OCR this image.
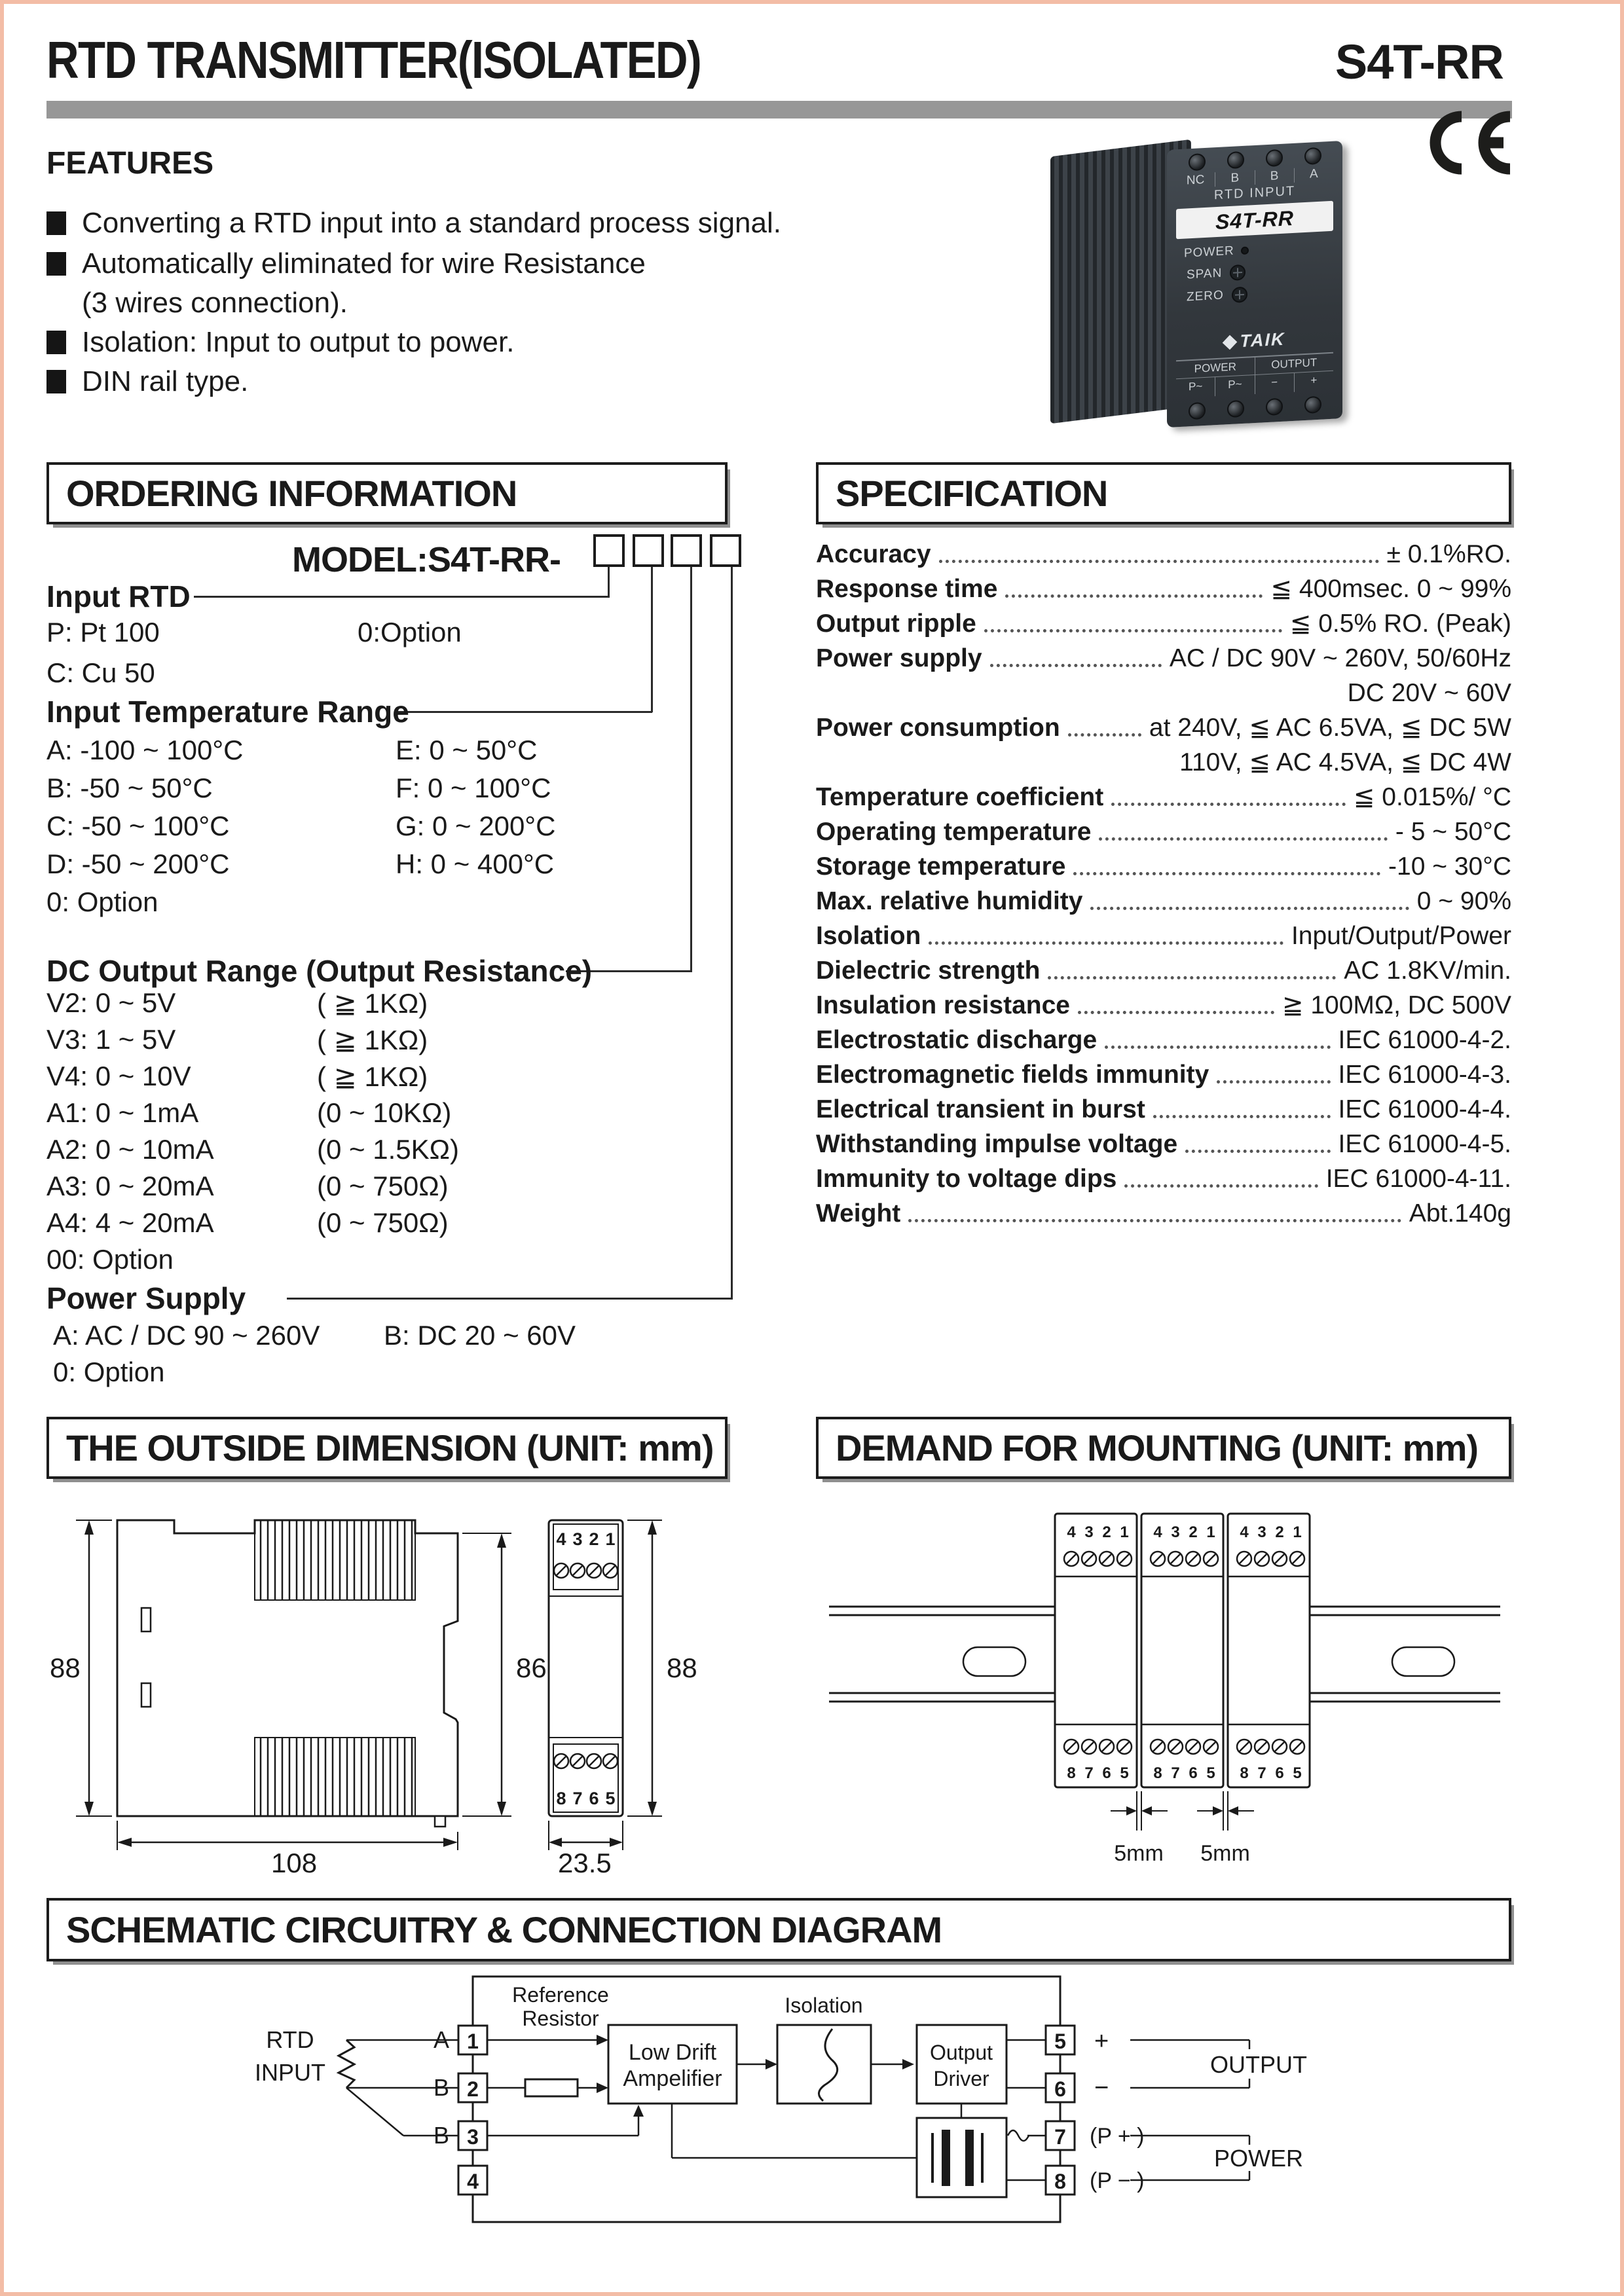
RTD TRANSMITTER(ISOLATED)	S4T-RR
FEATURES
Converting a RTD input into a standard process signal.
Automatically eliminated for wire Resistance
(3 wires connection).
Isolation: Input to output to power.
DIN rail type.
NC	B	B	A
RTD INPUT
S4T-RR
POWER
SPAN
ZERO
TAIK
POWER	OUTPUT
P~	P~	−	+
ORDERING INFORMATION
MODEL:S4T-RR-
Input RTD
P: Pt 100	0:Option
C: Cu 50
Input Temperature Range
A: -100 ~ 100°C	E: 0 ~ 50°C
B: -50 ~ 50°C	F: 0 ~ 100°C
C: -50 ~ 100°C	G: 0 ~ 200°C
D: -50 ~ 200°C	H: 0 ~ 400°C
0: Option
DC Output Range (Output Resistance)
V2: 0 ~ 5V	( ≧ 1KΩ)
V3: 1 ~ 5V	( ≧ 1KΩ)
V4: 0 ~ 10V	( ≧ 1KΩ)
A1: 0 ~ 1mA	(0 ~ 10KΩ)
A2: 0 ~ 10mA	(0 ~ 1.5KΩ)
A3: 0 ~ 20mA	(0 ~ 750Ω)
A4: 4 ~ 20mA	(0 ~ 750Ω)
00: Option
Power Supply
A: AC / DC 90 ~ 260V B: DC 20 ~ 60V
0: Option
SPECIFICATION
Accuracy	± 0.1%RO.
Response time	≦ 400msec. 0 ~ 99%
Output ripple	≦ 0.5% RO. (Peak)
Power supply	AC / DC 90V ~ 260V, 50/60Hz
DC 20V ~ 60V
Power consumption	at 240V, ≦ AC 6.5VA, ≦ DC 5W
110V, ≦ AC 4.5VA, ≦ DC 4W
Temperature coefficient	≦ 0.015%/ °C
Operating temperature	- 5 ~ 50°C
Storage temperature	-10 ~ 30°C
Max. relative humidity	0 ~ 90%
Isolation	Input/Output/Power
Dielectric strength	AC 1.8KV/min.
Insulation resistance	≧ 100MΩ, DC 500V
Electrostatic discharge	IEC 61000-4-2.
Electromagnetic fields immunity	IEC 61000-4-3.
Electrical transient in burst	IEC 61000-4-4.
Withstanding impulse voltage	IEC 61000-4-5.
Immunity to voltage dips	IEC 61000-4-11.
Weight	Abt.140g
THE OUTSIDE DIMENSION (UNIT: mm)
88	86
108
4 3 2 1
8 7 6 5
88
23.5
DEMAND FOR MOUNTING (UNIT: mm)
4 3 2 1
8 7 6 5
4 3 2 1
8 7 6 5
4 3 2 1
8 7 6 5
5mm 5mm
SCHEMATIC CIRCUITRY & CONNECTION DIAGRAM
RTD
INPUT
Reference
Resistor
Isolation
Low Drift
Ampelifier
Output
Driver
A
B
B
1
2
3
4
5
6
7
8
+
−
(P + )
(P − )
OUTPUT
POWER
